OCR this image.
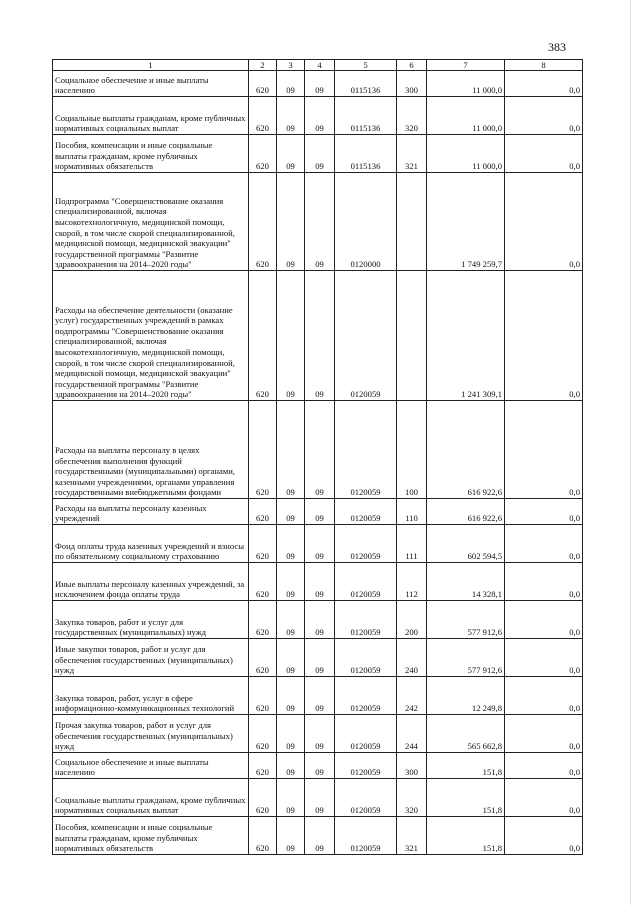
383
1	2	3	4	5	6	7	8
Социальное обеспечение и иные выплаты населению	620	09	09	0115136	300	11 000,0	0,0
Социальные выплаты гражданам, кроме публичных нормативных социальных выплат	620	09	09	0115136	320	11 000,0	0,0
Пособия, компенсации и иные социальные выплаты гражданам, кроме публичных нормативных обязательств	620	09	09	0115136	321	11 000,0	0,0
Подпрограмма "Совершенствование оказания специализированной, включая высокотехнологичную, медицинской помощи, скорой, в том числе скорой специализированной, медицинской помощи, медицинской эвакуации" государственной программы "Развитие здравоохранения на 2014–2020 годы"	620	09	09	0120000		1 749 259,7	0,0
Расходы на обеспечение деятельности (оказание услуг) государственных учреждений в рамках подпрограммы "Совершенствование оказания специализированной, включая высокотехнологичную, медицинской помощи, скорой, в том числе скорой специализированной, медицинской помощи, медицинской эвакуации" государственной программы "Развитие здравоохранения на 2014–2020 годы"	620	09	09	0120059		1 241 309,1	0,0
Расходы на выплаты персоналу в целях обеспечения выполнения функций государственными (муниципальными) органами, казенными учреждениями, органами управления государственными внебюджетными фондами	620	09	09	0120059	100	616 922,6	0,0
Расходы на выплаты персоналу казенных учреждений	620	09	09	0120059	110	616 922,6	0,0
Фонд оплаты труда казенных учреждений и взносы по обязательному социальному страхованию	620	09	09	0120059	111	602 594,5	0,0
Иные выплаты персоналу казенных учреждений, за исключением фонда оплаты труда	620	09	09	0120059	112	14 328,1	0,0
Закупка товаров, работ и услуг для государственных (муниципальных) нужд	620	09	09	0120059	200	577 912,6	0,0
Иные закупки товаров, работ и услуг для обеспечения государственных (муниципальных) нужд	620	09	09	0120059	240	577 912,6	0,0
Закупка товаров, работ, услуг в сфере информационно-коммуникационных технологий	620	09	09	0120059	242	12 249,8	0,0
Прочая закупка товаров, работ и услуг для обеспечения государственных (муниципальных) нужд	620	09	09	0120059	244	565 662,8	0,0
Социальное обеспечение и иные выплаты населению	620	09	09	0120059	300	151,8	0,0
Социальные выплаты гражданам, кроме публичных нормативных социальных выплат	620	09	09	0120059	320	151,8	0,0
Пособия, компенсации и иные социальные выплаты гражданам, кроме публичных нормативных обязательств	620	09	09	0120059	321	151,8	0,0
